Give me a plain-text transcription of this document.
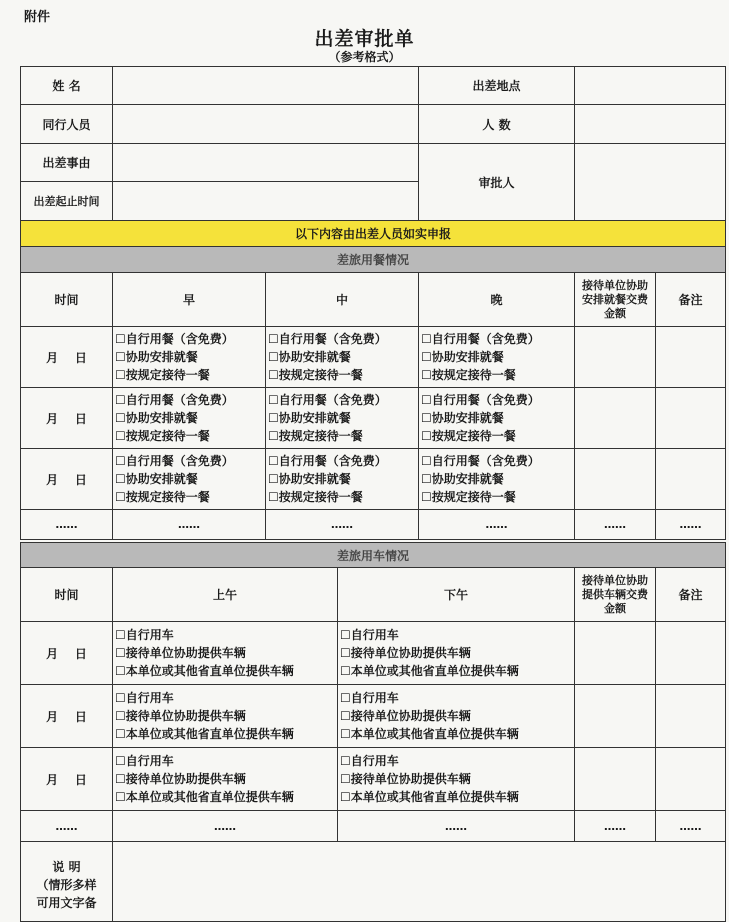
附件
出差审批单
（参考格式）
姓 名		出差地点	
同行人员		人 数	
出差事由		审批人	
出差起止时间			
以下内容由出差人员如实申报			
差旅用餐情况					
时间	早	中	晚	接待单位协助安排就餐交费金额	备注
月    日	☐自行用餐（含免费）
☐协助安排就餐
☐按规定接待一餐	☐自行用餐（含免费）
☐协助安排就餐
☐按规定接待一餐	☐自行用餐（含免费）
☐协助安排就餐
☐按规定接待一餐		

月    日	☐自行用餐（含免费）
☐协助安排就餐
☐按规定接待一餐	☐自行用餐（含免费）
☐协助安排就餐
☐按规定接待一餐	☐自行用餐（含免费）
☐协助安排就餐
☐按规定接待一餐		

月    日	☐自行用餐（含免费）
☐协助安排就餐
☐按规定接待一餐	☐自行用餐（含免费）
☐协助安排就餐
☐按规定接待一餐	☐自行用餐（含免费）
☐协助安排就餐
☐按规定接待一餐		

……	……	……	……	……	……
差旅用车情况				
时间	上午	下午	接待单位协助提供车辆交费金额	备注
月    日	☐自行用车
☐接待单位协助提供车辆
☐本单位或其他省直单位提供车辆	☐自行用车
☐接待单位协助提供车辆
☐本单位或其他省直单位提供车辆		

月    日	☐自行用车
☐接待单位协助提供车辆
☐本单位或其他省直单位提供车辆	☐自行用车
☐接待单位协助提供车辆
☐本单位或其他省直单位提供车辆		

月    日	☐自行用车
☐接待单位协助提供车辆
☐本单位或其他省直单位提供车辆	☐自行用车
☐接待单位协助提供车辆
☐本单位或其他省直单位提供车辆		

……	……	……	……	……

说 明
（情形多样
可用文字备				
